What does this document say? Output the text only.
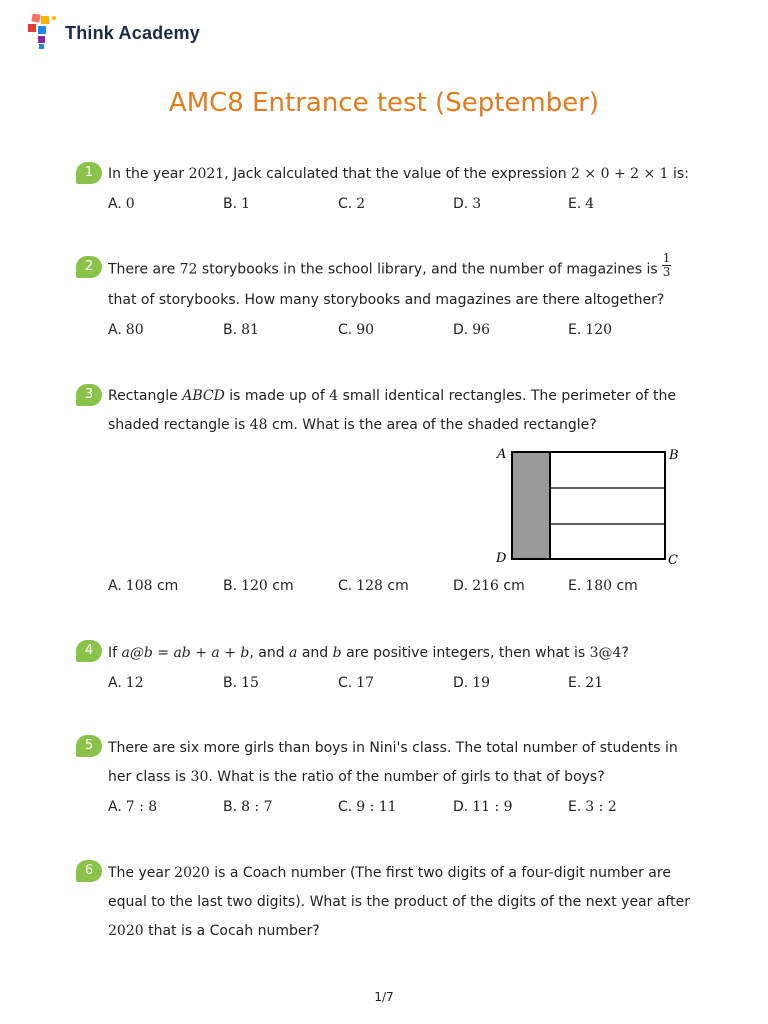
Think Academy
AMC8 Entrance test (September)
1	In the year 2021, Jack calculated that the value of the expression 2 × 0 + 2 × 1 is:
A. 0	B. 1	C. 2	D. 3	E. 4
2	There are 72 storybooks in the school library, and the number of magazines is $\frac{1}{3}$
that of storybooks. How many storybooks and magazines are there altogether?
A. 80	B. 81	C. 90	D. 96	E. 120
3	Rectangle ABCD is made up of 4 small identical rectangles. The perimeter of the
shaded rectangle is 48 cm. What is the area of the shaded rectangle?
A. 108 cm	B. 120 cm	C. 128 cm	D. 216 cm	E. 180 cm
A	B
D	C
4	If a@b = ab + a + b, and a and b are positive integers, then what is 3@4?
A. 12	B. 15	C. 17	D. 19	E. 21
5	There are six more girls than boys in Nini's class. The total number of students in
her class is 30. What is the ratio of the number of girls to that of boys?
A. 7 : 8	B. 8 : 7	C. 9 : 11	D. 11 : 9	E. 3 : 2
6	The year 2020 is a Coach number (The first two digits of a four-digit number are
equal to the last two digits). What is the product of the digits of the next year after
2020 that is a Cocah number?
1/7
